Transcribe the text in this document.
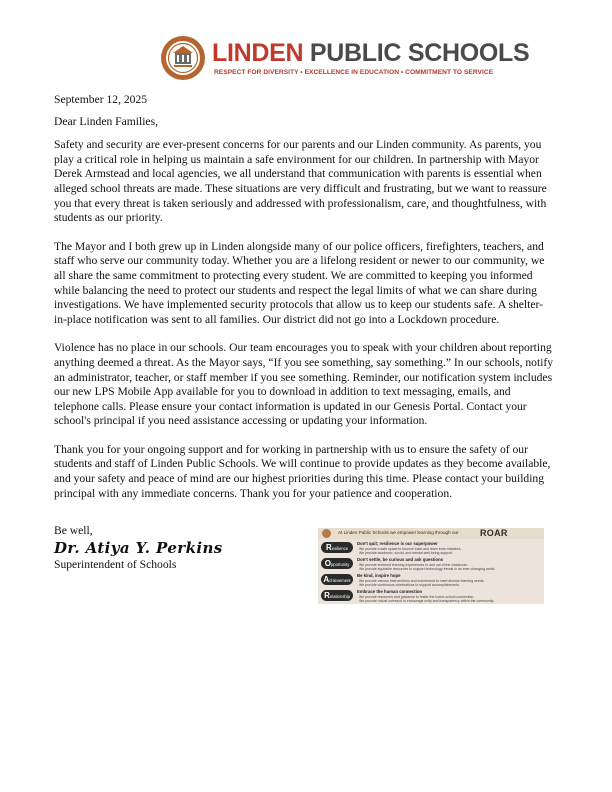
LINDEN PUBLIC SCHOOLS
RESPECT FOR DIVERSITY • EXCELLENCE IN EDUCATION • COMMITMENT TO SERVICE

September 12, 2025

Dear Linden Families,

Safety and security are ever-present concerns for our parents and our Linden community. As parents, you play a critical role in helping us maintain a safe environment for our children. In partnership with Mayor Derek Armstead and local agencies, we all understand that communication with parents is essential when alleged school threats are made. These situations are very difficult and frustrating, but we want to reassure you that every threat is taken seriously and addressed with professionalism, care, and thoughtfulness, with students as our priority.

The Mayor and I both grew up in Linden alongside many of our police officers, firefighters, teachers, and staff who serve our community today. Whether you are a lifelong resident or newer to our community, we all share the same commitment to protecting every student. We are committed to keeping you informed while balancing the need to protect our students and respect the legal limits of what we can share during investigations. We have implemented security protocols that allow us to keep our students safe. A shelter-in-place notification was sent to all families. Our district did not go into a Lockdown procedure.

Violence has no place in our schools. Our team encourages you to speak with your children about reporting anything deemed a threat. As the Mayor says, “If you see something, say something.” In our schools, notify an administrator, teacher, or staff member if you see something. Reminder, our notification system includes our new LPS Mobile App available for you to download in addition to text messaging, emails, and telephone calls. Please ensure your contact information is updated in our Genesis Portal. Contact your school's principal if you need assistance accessing or updating your information.

Thank you for your ongoing support and for working in partnership with us to ensure the safety of our students and staff of Linden Public Schools. We will continue to provide updates as they become available, and your safety and peace of mind are our highest priorities during this time. Please contact your building principal with any immediate concerns. Thank you for your patience and cooperation.

Be well,
Dr. Atiya Y. Perkins
Superintendent of Schools
At Linden Public Schools we empower learning through our ROAR
Resilience
Don't quit; resilience is our superpower
We provide a safe space to bounce back and learn from mistakes.
We provide academic, social, and mental well-being support.
Opportunity
Don't settle, be curious and ask questions
We provide enriched learning experiences in and out of the classroom.
We provide equitable resources to support technology trends in an ever-changing world.
Achievement
Be kind, inspire hope
We provide various interventions and enrichment to meet diverse learning needs.
We provide continuous celebrations to support accomplishments.
Relationship
Embrace the human connection
We provide resources and guidance to foster the home-school connection.
We provide robust outreach to encourage unity and transparency within the community.
